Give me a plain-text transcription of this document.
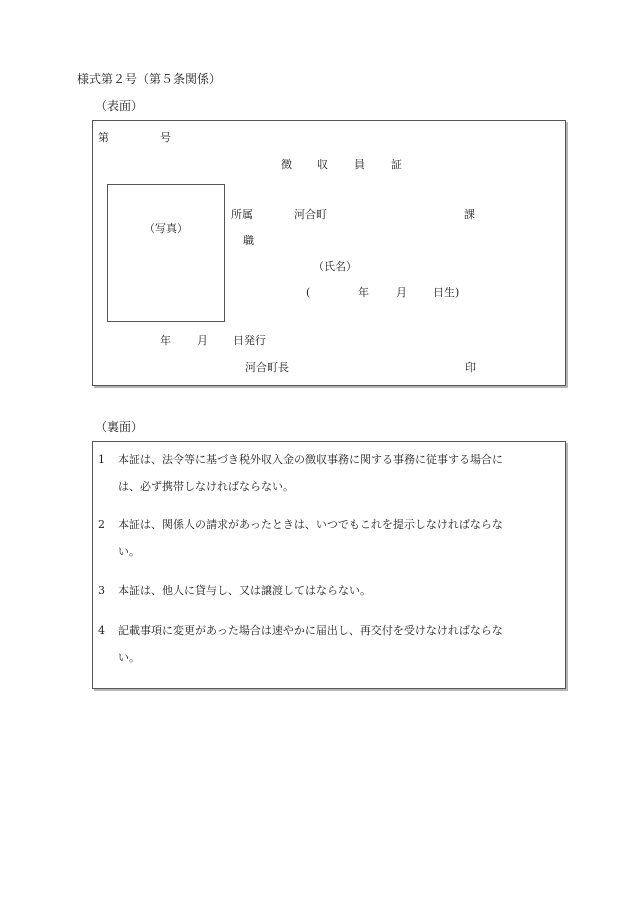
様式第２号（第５条関係）
（表面）
第	号
徴 収 員 証
（写真）
所属	河合町	課
職
（氏名）
(	年 月 日生)
年 月 日発行
河合町長	印
（裏面）
1 本証は、法令等に基づき税外収入金の徴収事務に関する事務に従事する場合に
は、必ず携帯しなければならない。
2 本証は、関係人の請求があったときは、いつでもこれを提示しなければならな
い。
3 本証は、他人に貸与し、又は譲渡してはならない。
4 記載事項に変更があった場合は速やかに届出し、再交付を受けなければならな
い。
